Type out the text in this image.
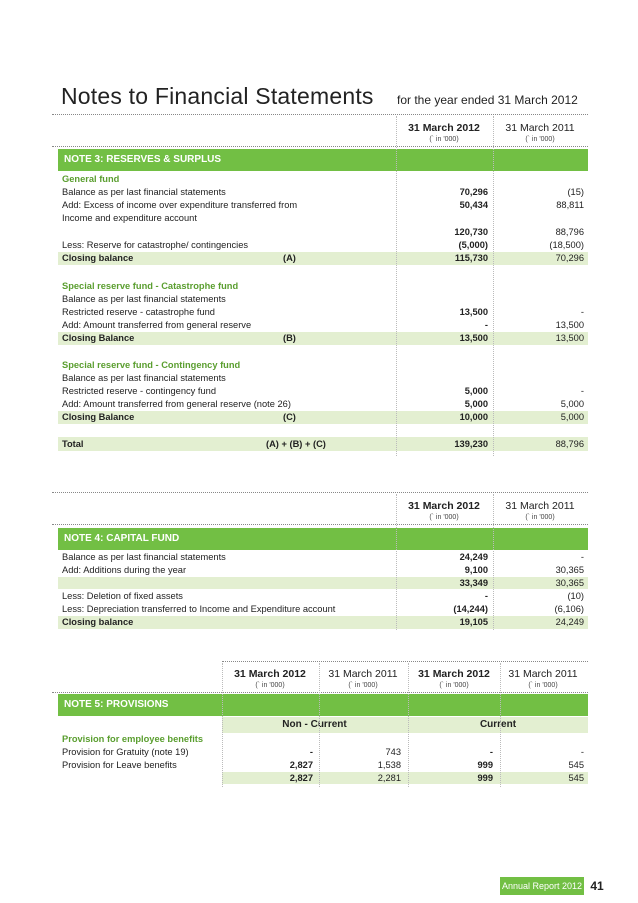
Notes to Financial Statements for the year ended 31 March 2012
31 March 2012
(` in '000)
31 March 2011
(` in '000)
NOTE 3: RESERVES & SURPLUS
General fund
Balance as per last financial statements	70,296	(15)
Add: Excess of income over expenditure transferred from	50,434	88,811
Income and expenditure account
120,730	88,796
Less: Reserve for catastrophe/ contingencies	(5,000)	(18,500)
Closing balance	(A)	115,730	70,296
Special reserve fund - Catastrophe fund
Balance as per last financial statements
Restricted reserve - catastrophe fund	13,500	-
Add: Amount transferred from general reserve	-	13,500
Closing Balance	(B)	13,500	13,500
Special reserve fund - Contingency fund
Balance as per last financial statements
Restricted reserve - contingency fund	5,000	-
Add: Amount transferred from general reserve (note 26)	5,000	5,000
Closing Balance	(C)	10,000	5,000
Total	(A) + (B) + (C)	139,230	88,796
31 March 2012
(` in '000)
31 March 2011
(` in '000)
NOTE 4: CAPITAL FUND
Balance as per last financial statements	24,249	-
Add: Additions during the year	9,100	30,365
33,349	30,365
Less: Deletion of fixed assets	-	(10)
Less: Depreciation transferred to Income and Expenditure account	(14,244)	(6,106)
Closing balance	19,105	24,249
31 March 2012
(` in '000)
31 March 2011
(` in '000)
31 March 2012
(` in '000)
31 March 2011
(` in '000)
NOTE 5: PROVISIONS
Non - Current	Current
Provision for employee benefits
Provision for Gratuity (note 19)	-	743	-	-
Provision for Leave benefits	2,827	1,538	999	545
2,827	2,281	999	545
Annual Report 2012 41
